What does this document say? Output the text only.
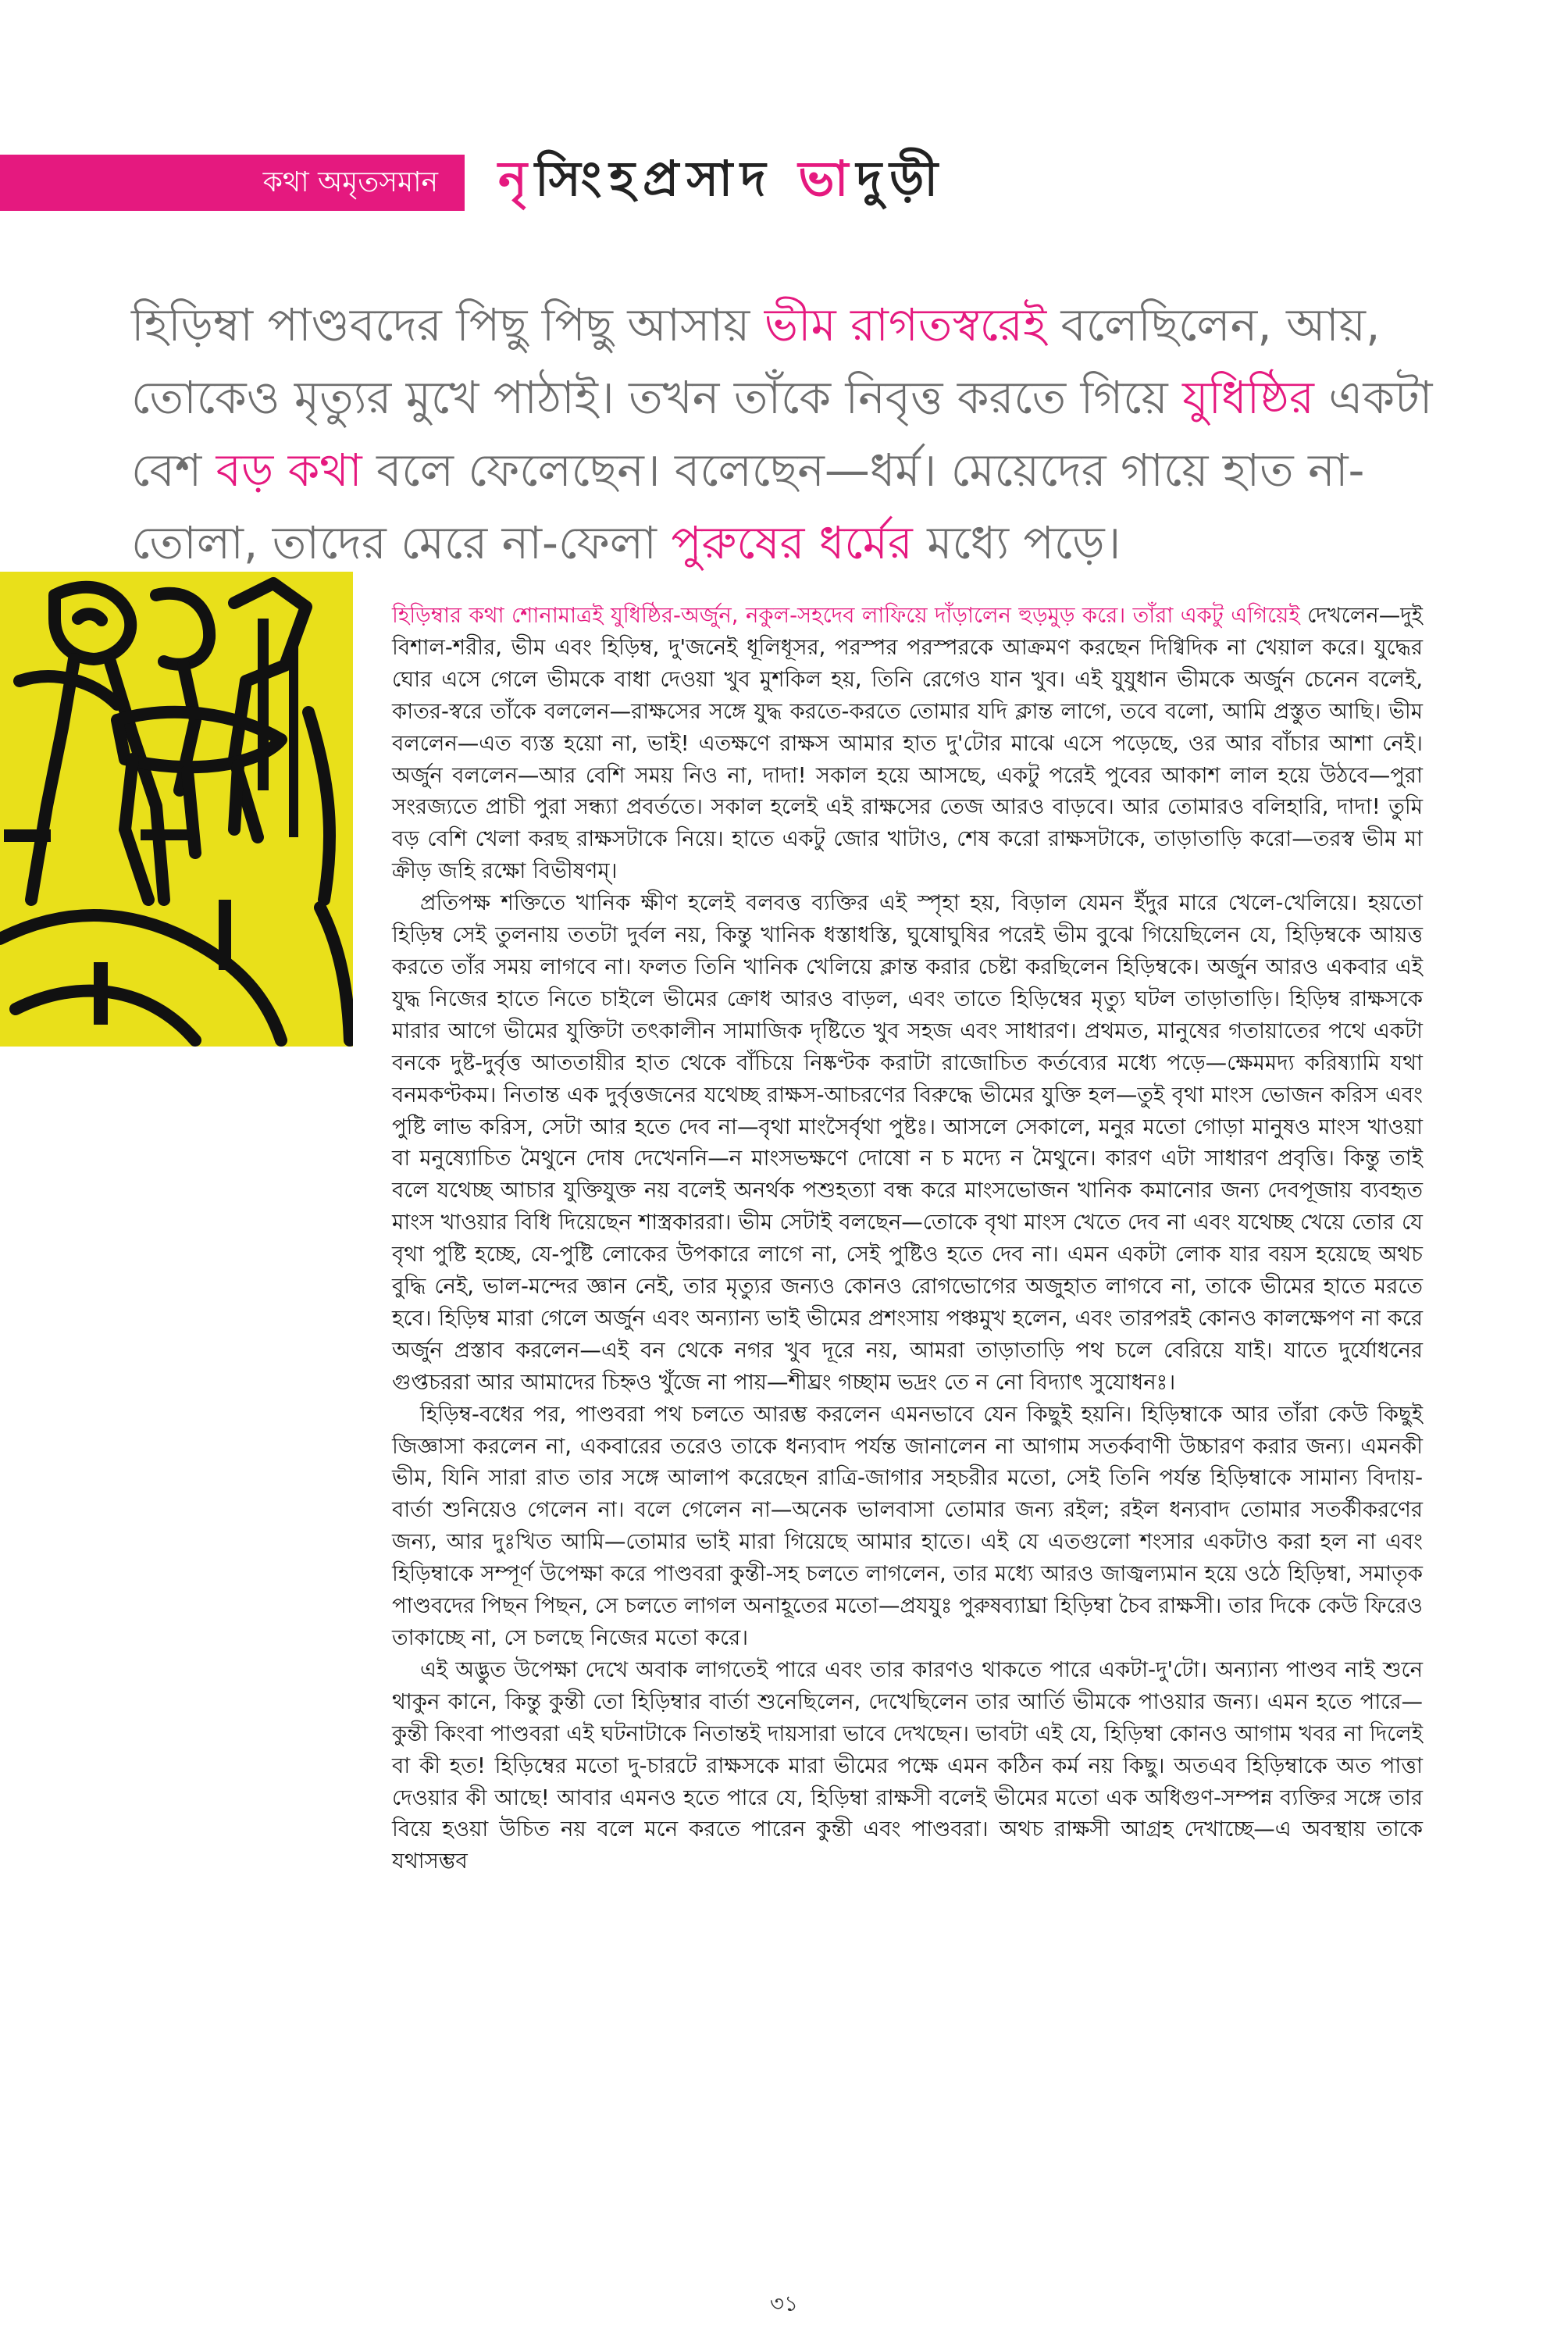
কথা অমৃতসমান নৃসিংহপ্রসাদ ভাদুড়ী

হিড়িম্বা পাণ্ডবদের পিছু পিছু আসায় ভীম রাগতস্বরেই বলেছিলেন, আয়, তোকেও মৃত্যুর মুখে পাঠাই। তখন তাঁকে নিবৃত্ত করতে গিয়ে যুধিষ্ঠির একটা বেশ বড় কথা বলে ফেলেছেন। বলেছেন—ধর্ম। মেয়েদের গায়ে হাত না-তোলা, তাদের মেরে না-ফেলা পুরুষের ধর্মের মধ্যে পড়ে।

হিড়িম্বার কথা শোনামাত্রই যুধিষ্ঠির-অর্জুন, নকুল-সহদেব লাফিয়ে দাঁড়ালেন হুড়মুড় করে। তাঁরা একটু এগিয়েই দেখলেন—দুই বিশাল-শরীর, ভীম এবং হিড়িম্ব, দু'জনেই ধূলিধূসর, পরস্পর পরস্পরকে আক্রমণ করছেন দিগ্বিদিক না খেয়াল করে। যুদ্ধের ঘোর এসে গেলে ভীমকে বাধা দেওয়া খুব মুশকিল হয়, তিনি রেগেও যান খুব। এই যুযুধান ভীমকে অর্জুন চেনেন বলেই, কাতর-স্বরে তাঁকে বললেন—রাক্ষসের সঙ্গে যুদ্ধ করতে-করতে তোমার যদি ক্লান্ত লাগে, তবে বলো, আমি প্রস্তুত আছি। ভীম বললেন—এত ব্যস্ত হয়ো না, ভাই! এতক্ষণে রাক্ষস আমার হাত দু'টোর মাঝে এসে পড়েছে, ওর আর বাঁচার আশা নেই। অর্জুন বললেন—আর বেশি সময় নিও না, দাদা! সকাল হয়ে আসছে, একটু পরেই পুবের আকাশ লাল হয়ে উঠবে—পুরা সংরজ্যতে প্রাচী পুরা সন্ধ্যা প্রবর্ততে। সকাল হলেই এই রাক্ষসের তেজ আরও বাড়বে। আর তোমারও বলিহারি, দাদা! তুমি বড় বেশি খেলা করছ রাক্ষসটাকে নিয়ে। হাতে একটু জোর খাটাও, শেষ করো রাক্ষসটাকে, তাড়াতাড়ি করো—তরস্ব ভীম মা ক্রীড় জহি রক্ষো বিভীষণম্।

প্রতিপক্ষ শক্তিতে খানিক ক্ষীণ হলেই বলবত্ত ব্যক্তির এই স্পৃহা হয়, বিড়াল যেমন ইঁদুর মারে খেলে-খেলিয়ে। হয়তো হিড়িম্ব সেই তুলনায় ততটা দুর্বল নয়, কিন্তু খানিক ধস্তাধস্তি, ঘুষোঘুষির পরেই ভীম বুঝে গিয়েছিলেন যে, হিড়িম্বকে আয়ত্ত করতে তাঁর সময় লাগবে না। ফলত তিনি খানিক খেলিয়ে ক্লান্ত করার চেষ্টা করছিলেন হিড়িম্বকে। অর্জুন আরও একবার এই যুদ্ধ নিজের হাতে নিতে চাইলে ভীমের ক্রোধ আরও বাড়ল, এবং তাতে হিড়িম্বের মৃত্যু ঘটল তাড়াতাড়ি। হিড়িম্ব রাক্ষসকে মারার আগে ভীমের যুক্তিটা তৎকালীন সামাজিক দৃষ্টিতে খুব সহজ এবং সাধারণ। প্রথমত, মানুষের গতায়াতের পথে একটা বনকে দুষ্ট-দুর্বৃত্ত আততায়ীর হাত থেকে বাঁচিয়ে নিষ্কণ্টক করাটা রাজোচিত কর্তব্যের মধ্যে পড়ে—ক্ষেমমদ্য করিষ্যামি যথা বনমকণ্টকম। নিতান্ত এক দুর্বৃত্তজনের যথেচ্ছ রাক্ষস-আচরণের বিরুদ্ধে ভীমের যুক্তি হল—তুই বৃথা মাংস ভোজন করিস এবং পুষ্টি লাভ করিস, সেটা আর হতে দেব না—বৃথা মাংসৈর্বৃথা পুষ্টঃ। আসলে সেকালে, মনুর মতো গোড়া মানুষও মাংস খাওয়া বা মনুষ্যোচিত মৈথুনে দোষ দেখেননি—ন মাংসভক্ষণে দোষো ন চ মদ্যে ন মৈথুনে। কারণ এটা সাধারণ প্রবৃত্তি। কিন্তু তাই বলে যথেচ্ছ আচার যুক্তিযুক্ত নয় বলেই অনর্থক পশুহত্যা বন্ধ করে মাংসভোজন খানিক কমানোর জন্য দেবপূজায় ব্যবহৃত মাংস খাওয়ার বিধি দিয়েছেন শাস্ত্রকাররা। ভীম সেটাই বলছেন—তোকে বৃথা মাংস খেতে দেব না এবং যথেচ্ছ খেয়ে তোর যে বৃথা পুষ্টি হচ্ছে, যে-পুষ্টি লোকের উপকারে লাগে না, সেই পুষ্টিও হতে দেব না। এমন একটা লোক যার বয়স হয়েছে অথচ বুদ্ধি নেই, ভাল-মন্দের জ্ঞান নেই, তার মৃত্যুর জন্যও কোনও রোগভোগের অজুহাত লাগবে না, তাকে ভীমের হাতে মরতে হবে। হিড়িম্ব মারা গেলে অর্জুন এবং অন্যান্য ভাই ভীমের প্রশংসায় পঞ্চমুখ হলেন, এবং তারপরই কোনও কালক্ষেপণ না করে অর্জুন প্রস্তাব করলেন—এই বন থেকে নগর খুব দূরে নয়, আমরা তাড়াতাড়ি পথ চলে বেরিয়ে যাই। যাতে দুর্যোধনের গুপ্তচররা আর আমাদের চিহ্নও খুঁজে না পায়—শীঘ্রং গচ্ছাম ভদ্রং তে ন নো বিদ্যাৎ সুযোধনঃ।

হিড়িম্ব-বধের পর, পাণ্ডবরা পথ চলতে আরম্ভ করলেন এমনভাবে যেন কিছুই হয়নি। হিড়িম্বাকে আর তাঁরা কেউ কিছুই জিজ্ঞাসা করলেন না, একবারের তরেও তাকে ধন্যবাদ পর্যন্ত জানালেন না আগাম সতর্কবাণী উচ্চারণ করার জন্য। এমনকী ভীম, যিনি সারা রাত তার সঙ্গে আলাপ করেছেন রাত্রি-জাগার সহচরীর মতো, সেই তিনি পর্যন্ত হিড়িম্বাকে সামান্য বিদায়-বার্তা শুনিয়েও গেলেন না। বলে গেলেন না—অনেক ভালবাসা তোমার জন্য রইল; রইল ধন্যবাদ তোমার সতর্কীকরণের জন্য, আর দুঃখিত আমি—তোমার ভাই মারা গিয়েছে আমার হাতে। এই যে এতগুলো শংসার একটাও করা হল না এবং হিড়িম্বাকে সম্পূর্ণ উপেক্ষা করে পাণ্ডবরা কুন্তী-সহ চলতে লাগলেন, তার মধ্যে আরও জাজ্বল্যমান হয়ে ওঠে হিড়িম্বা, সমাতৃক পাণ্ডবদের পিছন পিছন, সে চলতে লাগল অনাহূতের মতো—প্রযযুঃ পুরুষব্যাঘ্রা হিড়িম্বা চৈব রাক্ষসী। তার দিকে কেউ ফিরেও তাকাচ্ছে না, সে চলছে নিজের মতো করে।

এই অদ্ভুত উপেক্ষা দেখে অবাক লাগতেই পারে এবং তার কারণও থাকতে পারে একটা-দু'টো। অন্যান্য পাণ্ডব নাই শুনে থাকুন কানে, কিন্তু কুন্তী তো হিড়িম্বার বার্তা শুনেছিলেন, দেখেছিলেন তার আর্তি ভীমকে পাওয়ার জন্য। এমন হতে পারে—কুন্তী কিংবা পাণ্ডবরা এই ঘটনাটাকে নিতান্তই দায়সারা ভাবে দেখছেন। ভাবটা এই যে, হিড়িম্বা কোনও আগাম খবর না দিলেই বা কী হত! হিড়িম্বের মতো দু-চারটে রাক্ষসকে মারা ভীমের পক্ষে এমন কঠিন কর্ম নয় কিছু। অতএব হিড়িম্বাকে অত পাত্তা দেওয়ার কী আছে! আবার এমনও হতে পারে যে, হিড়িম্বা রাক্ষসী বলেই ভীমের মতো এক অধিগুণ-সম্পন্ন ব্যক্তির সঙ্গে তার বিয়ে হওয়া উচিত নয় বলে মনে করতে পারেন কুন্তী এবং পাণ্ডবরা। অথচ রাক্ষসী আগ্রহ দেখাচ্ছে—এ অবস্থায় তাকে যথাসম্ভব

৩১
